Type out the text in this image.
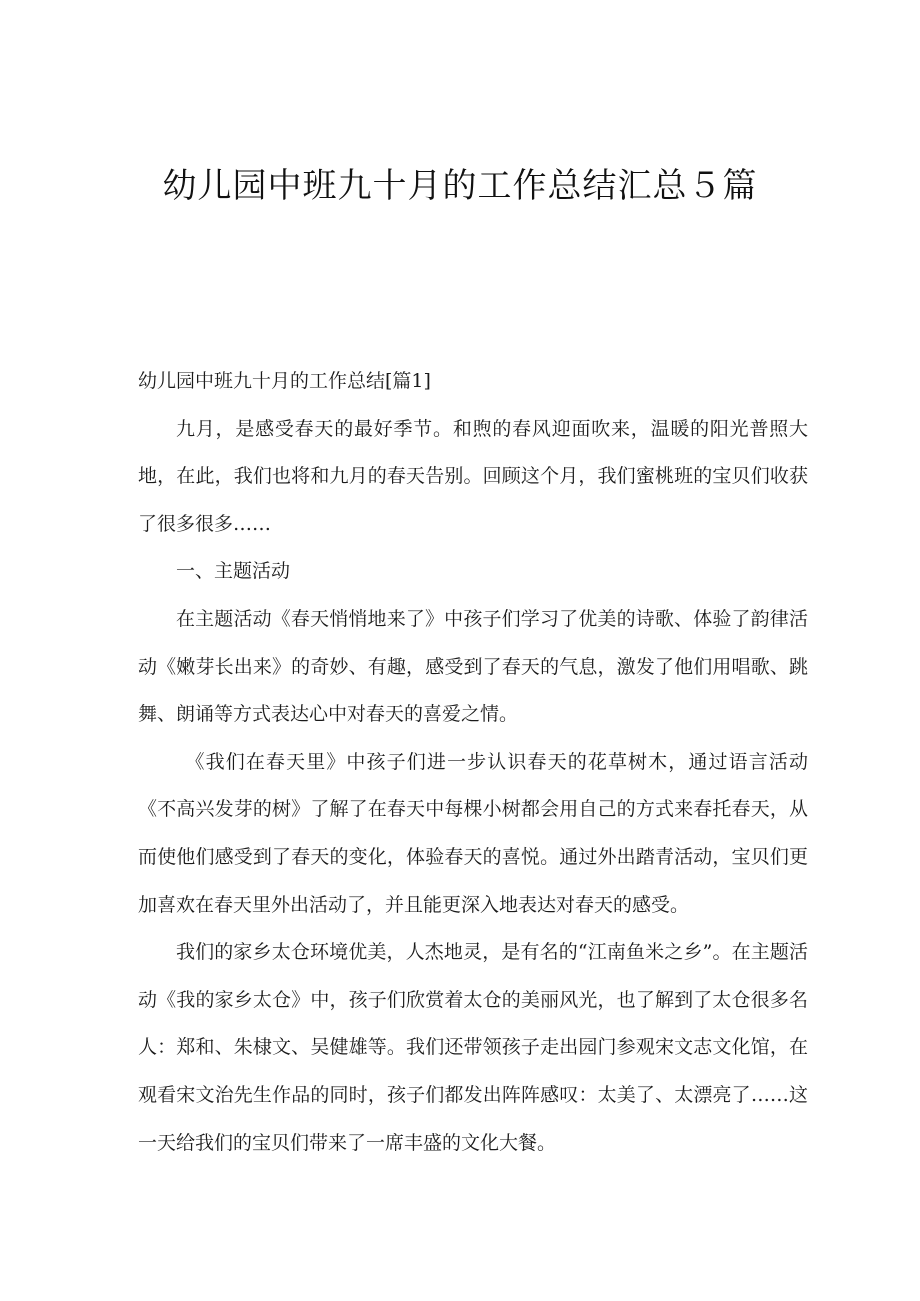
幼儿园中班九十月的工作总结汇总５篇

幼儿园中班九十月的工作总结[篇1]

九月，是感受春天的最好季节。和煦的春风迎面吹来，温暖的阳光普照大地，在此，我们也将和九月的春天告别。回顾这个月，我们蜜桃班的宝贝们收获了很多很多……

一、主题活动

在主题活动《春天悄悄地来了》中孩子们学习了优美的诗歌、体验了韵律活动《嫩芽长出来》的奇妙、有趣，感受到了春天的气息，激发了他们用唱歌、跳舞、朗诵等方式表达心中对春天的喜爱之情。

《我们在春天里》中孩子们进一步认识春天的花草树木，通过语言活动《不高兴发芽的树》了解了在春天中每棵小树都会用自己的方式来春托春天，从而使他们感受到了春天的变化，体验春天的喜悦。通过外出踏青活动，宝贝们更加喜欢在春天里外出活动了，并且能更深入地表达对春天的感受。

我们的家乡太仓环境优美，人杰地灵，是有名的“江南鱼米之乡”。在主题活动《我的家乡太仓》中，孩子们欣赏着太仓的美丽风光，也了解到了太仓很多名人：郑和、朱棣文、吴健雄等。我们还带领孩子走出园门参观宋文志文化馆，在观看宋文治先生作品的同时，孩子们都发出阵阵感叹：太美了、太漂亮了……这一天给我们的宝贝们带来了一席丰盛的文化大餐。
